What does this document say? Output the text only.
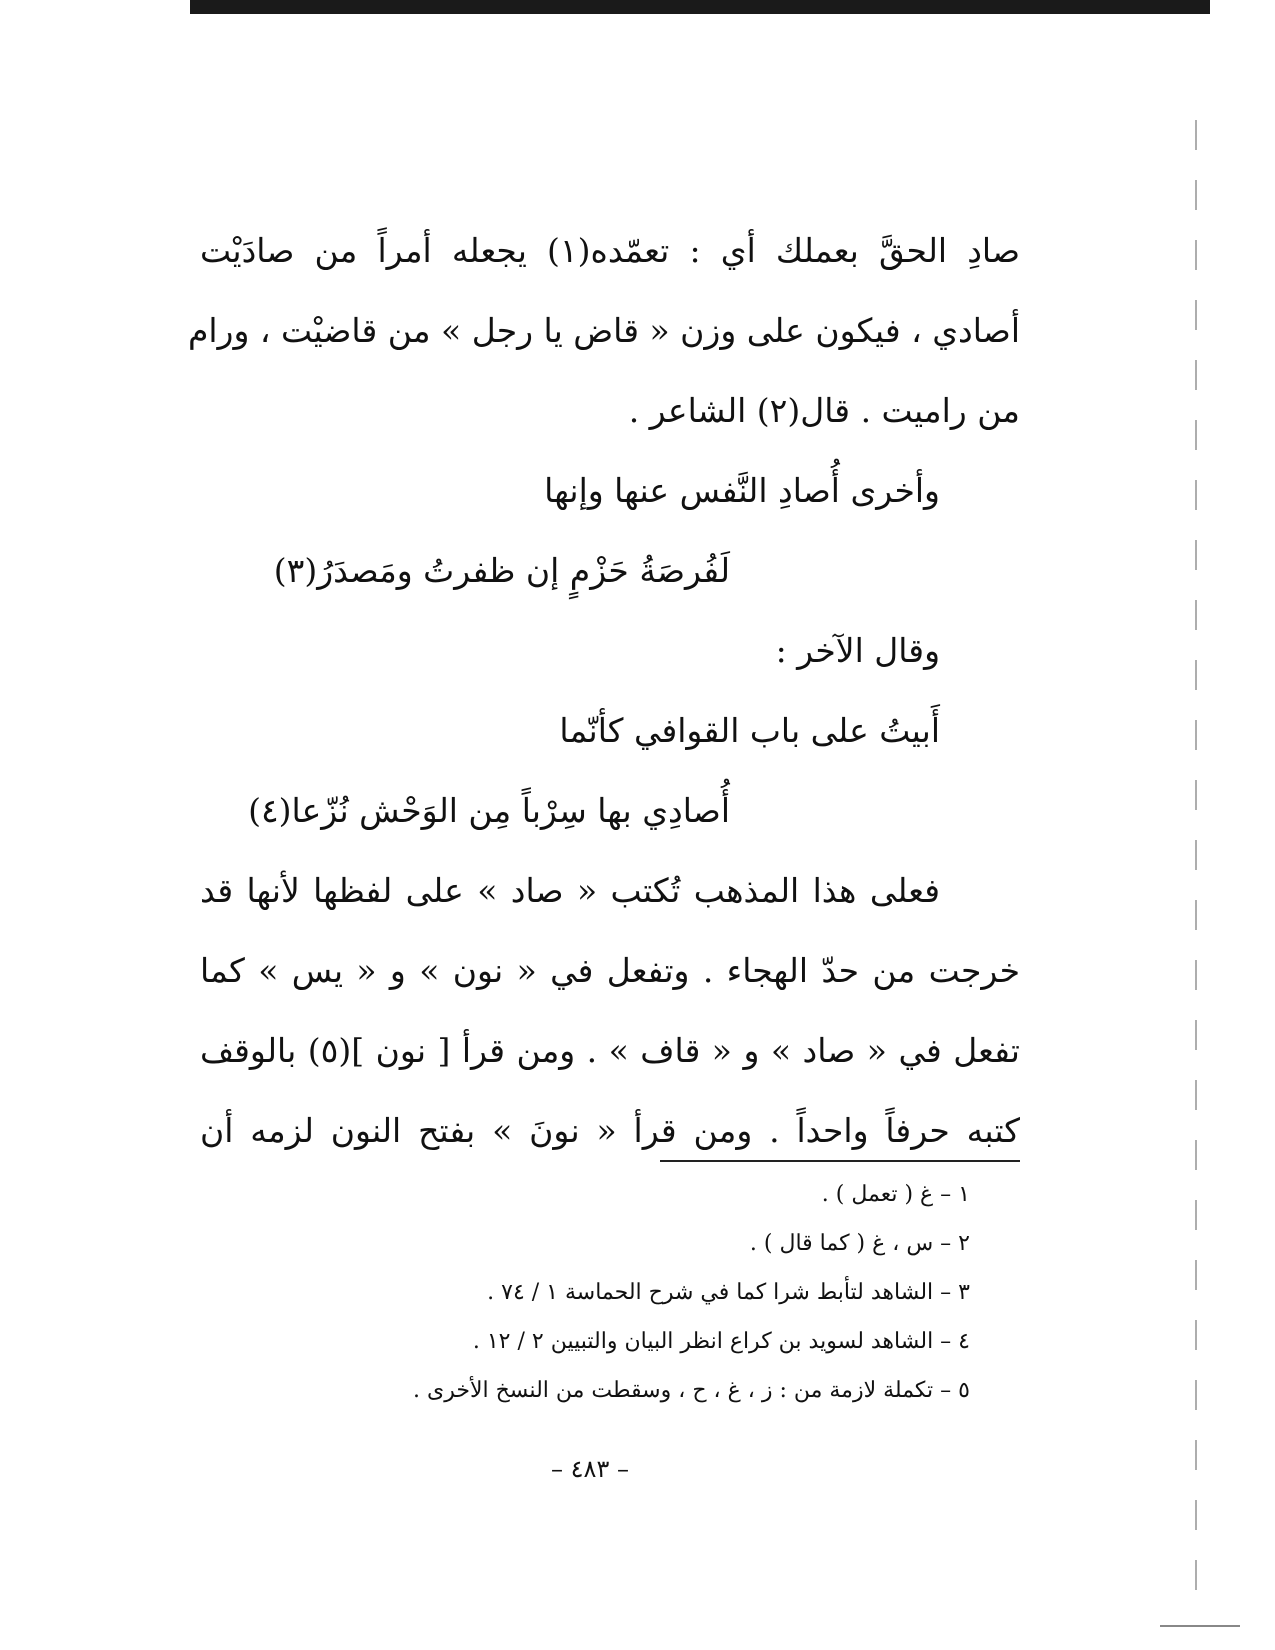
صادِ الحقَّ بعملك أي : تعمّده(١) يجعله أمراً من صادَيْت
أصادي ، فيكون على وزن « قاض يا رجل » من قاضيْت ، ورام
من راميت . قال(٢) الشاعر .
وأخرى أُصادِ النَّفس عنها وإنها
لَفُرصَةُ حَزْمٍ إن ظفرتُ ومَصدَرُ(٣)
وقال الآخر :
أَبيتُ على باب القوافي كأنّما
أُصادِي بها سِرْباً مِن الوَحْش نُزّعا(٤)
فعلى هذا المذهب تُكتب « صاد » على لفظها لأنها قد
خرجت من حدّ الهجاء . وتفعل في « نون » و « يس » كما
تفعل في « صاد » و « قاف » . ومن قرأ [ نون ](٥) بالوقف
كتبه حرفاً واحداً . ومن قرأ « نونَ » بفتح النون لزمه أن
١ – غ ( تعمل ) .
٢ – س ، غ ( كما قال ) .
٣ – الشاهد لتأبط شرا كما في شرح الحماسة ١ / ٧٤ .
٤ – الشاهد لسويد بن كراع انظر البيان والتبيين ٢ / ١٢ .
٥ – تكملة لازمة من : ز ، غ ، ح ، وسقطت من النسخ الأخرى .
– ٤٨٣ –
